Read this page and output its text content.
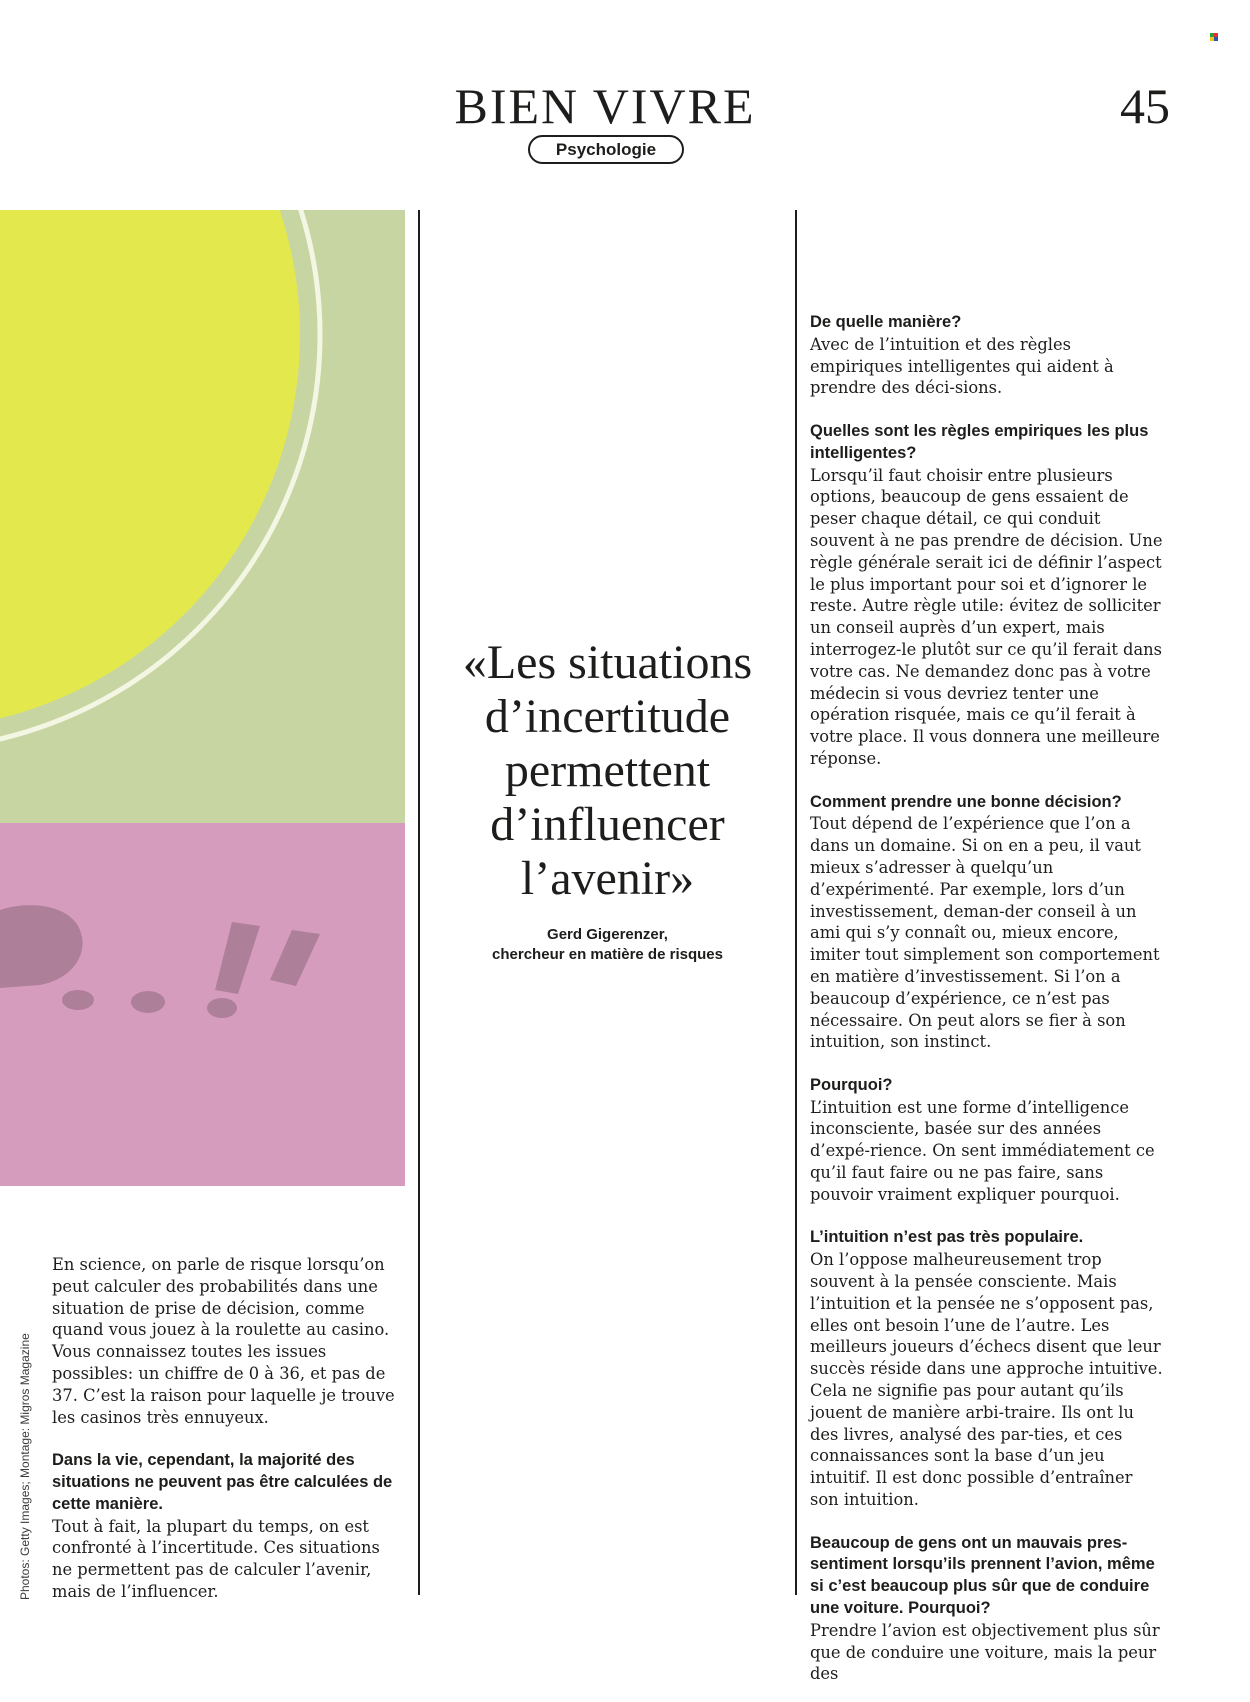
BIEN VIVRE
Psychologie
45
Photos: Getty Images; Montage: Migros Magazine

En science, on parle de risque lorsqu’on peut calculer des probabilités dans une situation de prise de décision, comme quand vous jouez à la roulette au casino. Vous connaissez toutes les issues possibles: un chiffre de 0 à 36, et pas de 37. C’est la raison pour laquelle je trouve les casinos très ennuyeux.

Dans la vie, cependant, la majorité des situations ne peuvent pas être calculées de cette manière.
Tout à fait, la plupart du temps, on est confronté à l’incertitude. Ces situations ne permettent pas de calculer l’avenir, mais de l’influencer.

«Les situations
d’incertitude
permettent
d’influencer
l’avenir»
Gerd Gigerenzer,
chercheur en matière de risques

De quelle manière?
Avec de l’intuition et des règles empiriques intelligentes qui aident à prendre des déci-sions.

Quelles sont les règles empiriques les plus intelligentes?
Lorsqu’il faut choisir entre plusieurs options, beaucoup de gens essaient de peser chaque détail, ce qui conduit souvent à ne pas prendre de décision. Une règle générale serait ici de définir l’aspect le plus important pour soi et d’ignorer le reste. Autre règle utile: évitez de solliciter un conseil auprès d’un expert, mais interrogez-le plutôt sur ce qu’il ferait dans votre cas. Ne demandez donc pas à votre médecin si vous devriez tenter une opération risquée, mais ce qu’il ferait à votre place. Il vous donnera une meilleure réponse.

Comment prendre une bonne décision?
Tout dépend de l’expérience que l’on a dans un domaine. Si on en a peu, il vaut mieux s’adresser à quelqu’un d’expérimenté. Par exemple, lors d’un investissement, deman-der conseil à un ami qui s’y connaît ou, mieux encore, imiter tout simplement son comportement en matière d’investissement. Si l’on a beaucoup d’expérience, ce n’est pas nécessaire. On peut alors se fier à son intuition, son instinct.

Pourquoi?
L’intuition est une forme d’intelligence inconsciente, basée sur des années d’expé-rience. On sent immédiatement ce qu’il faut faire ou ne pas faire, sans pouvoir vraiment expliquer pourquoi.

L’intuition n’est pas très populaire.
On l’oppose malheureusement trop souvent à la pensée consciente. Mais l’intuition et la pensée ne s’opposent pas, elles ont besoin l’une de l’autre. Les meilleurs joueurs d’échecs disent que leur succès réside dans une approche intuitive. Cela ne signifie pas pour autant qu’ils jouent de manière arbi-traire. Ils ont lu des livres, analysé des par-ties, et ces connaissances sont la base d’un jeu intuitif. Il est donc possible d’entraîner son intuition.

Beaucoup de gens ont un mauvais pres-sentiment lorsqu’ils prennent l’avion, même si c’est beaucoup plus sûr que de conduire une voiture. Pourquoi?
Prendre l’avion est objectivement plus sûr que de conduire une voiture, mais la peur des
